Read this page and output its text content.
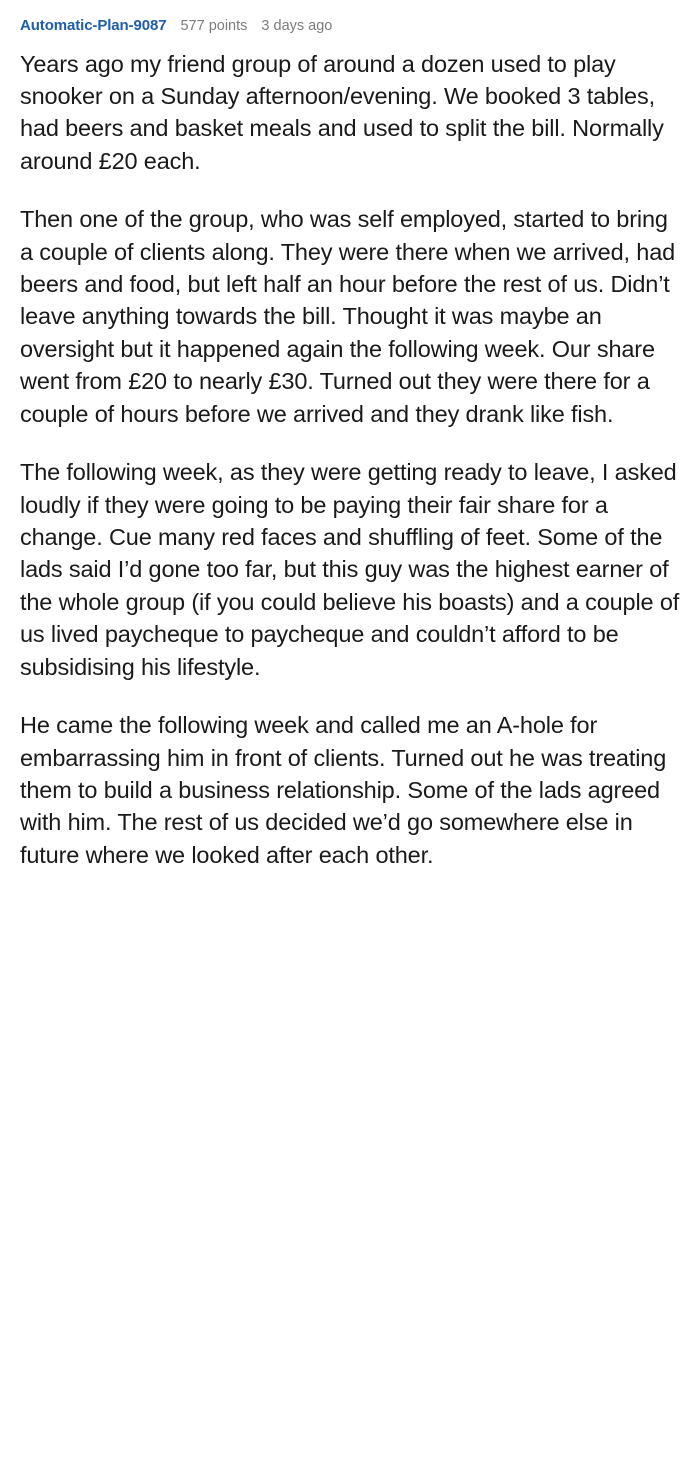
Automatic-Plan-9087 577 points 3 days ago

Years ago my friend group of around a dozen used to play snooker on a Sunday afternoon/evening. We booked 3 tables, had beers and basket meals and used to split the bill. Normally around £20 each.

Then one of the group, who was self employed, started to bring a couple of clients along. They were there when we arrived, had beers and food, but left half an hour before the rest of us. Didn’t leave anything towards the bill. Thought it was maybe an oversight but it happened again the following week. Our share went from £20 to nearly £30. Turned out they were there for a couple of hours before we arrived and they drank like fish.

The following week, as they were getting ready to leave, I asked loudly if they were going to be paying their fair share for a change. Cue many red faces and shuffling of feet. Some of the lads said I’d gone too far, but this guy was the highest earner of the whole group (if you could believe his boasts) and a couple of us lived paycheque to paycheque and couldn’t afford to be subsidising his lifestyle.

He came the following week and called me an A-hole for embarrassing him in front of clients. Turned out he was treating them to build a business relationship. Some of the lads agreed with him. The rest of us decided we’d go somewhere else in future where we looked after each other.
